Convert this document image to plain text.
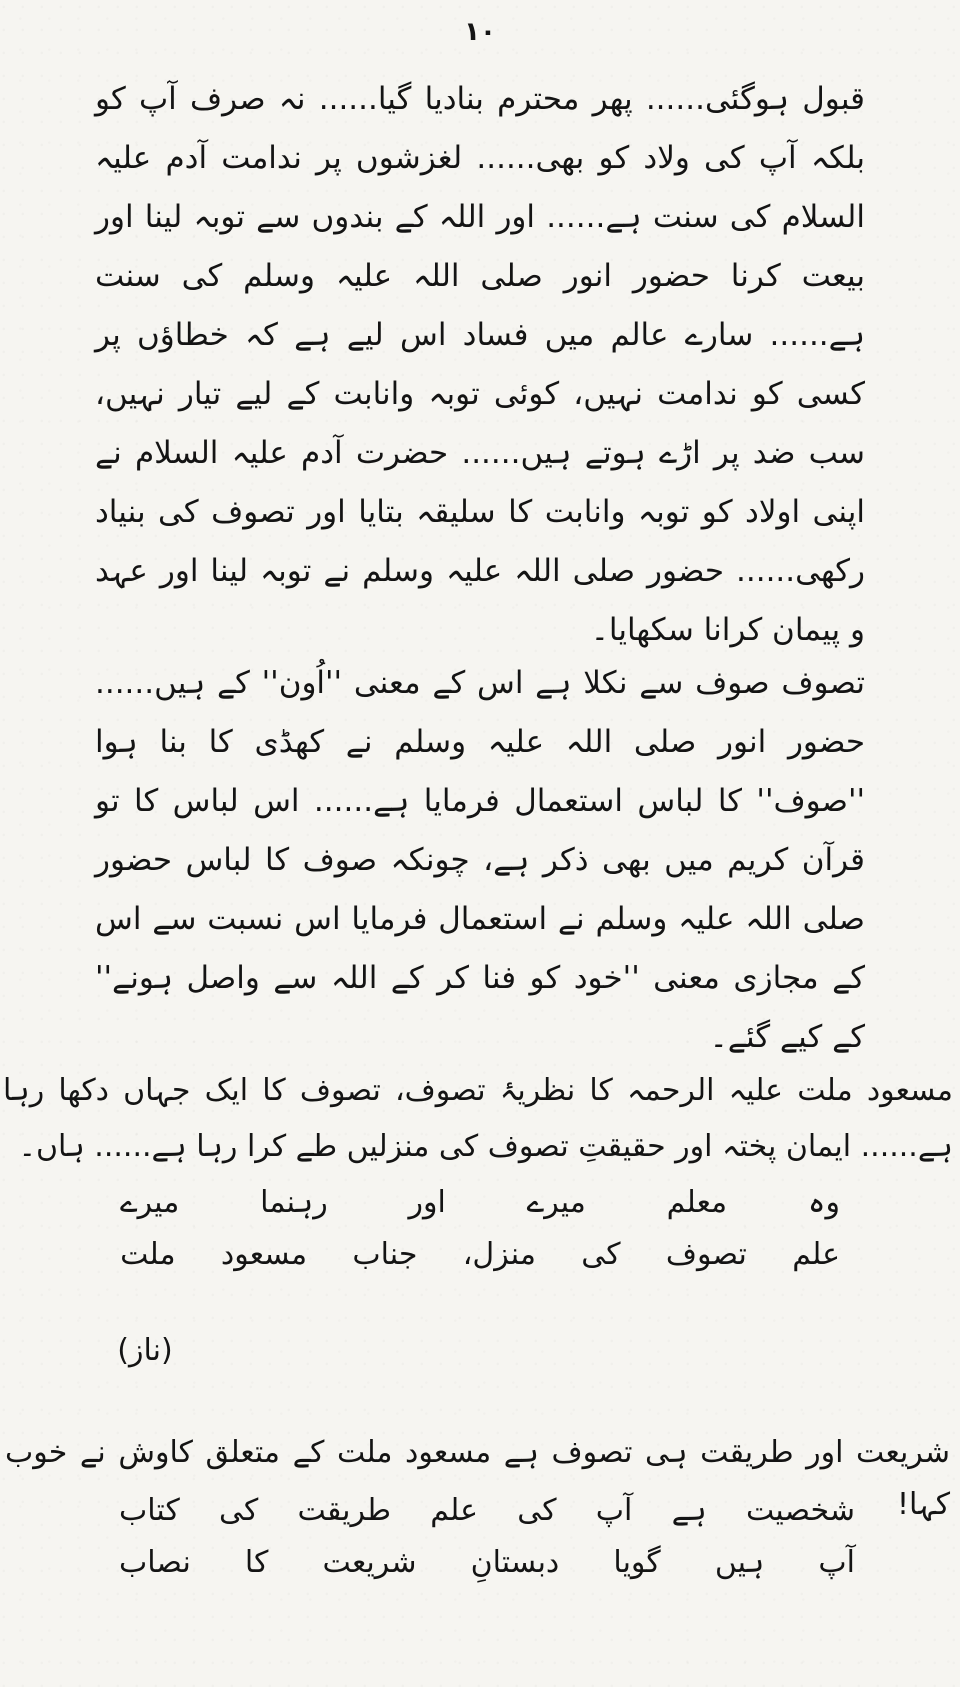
۱۰

قبول ہوگئی...... پھر محترم بنادیا گیا...... نہ صرف آپ کو بلکہ آپ کی ولاد کو بھی...... لغزشوں پر ندامت آدم علیہ السلام کی سنت ہے...... اور اللہ کے بندوں سے توبہ لینا اور بیعت کرنا حضور انور صلی اللہ علیہ وسلم کی سنت ہے...... سارے عالم میں فساد اس لیے ہے کہ خطاؤں پر کسی کو ندامت نہیں، کوئی توبہ وانابت کے لیے تیار نہیں، سب ضد پر اڑے ہوتے ہیں...... حضرت آدم علیہ السلام نے اپنی اولاد کو توبہ وانابت کا سلیقہ بتایا اور تصوف کی بنیاد رکھی...... حضور صلی اللہ علیہ وسلم نے توبہ لینا اور عہد و پیمان کرانا سکھایا۔

تصوف صوف سے نکلا ہے اس کے معنی ''اُون'' کے ہیں...... حضور انور صلی اللہ علیہ وسلم نے کھڈی کا بنا ہوا ''صوف'' کا لباس استعمال فرمایا ہے...... اس لباس کا تو قرآن کریم میں بھی ذکر ہے، چونکہ صوف کا لباس حضور صلی اللہ علیہ وسلم نے استعمال فرمایا اس نسبت سے اس کے مجازی معنی ''خود کو فنا کر کے اللہ سے واصل ہونے'' کے کیے گئے۔

مسعود ملت علیہ الرحمہ کا نظریۂ تصوف، تصوف کا ایک جہاں دکھا رہا ہے...... ایمان پختہ اور حقیقتِ تصوف کی منزلیں طے کرا رہا ہے...... ہاں۔

وہ
معلم
میرے
اور
رہنما
میرے
علم
تصوف
کی
منزل،
جناب
مسعود
ملت
(ناز)

شریعت اور طریقت ہی تصوف ہے مسعود ملت کے متعلق کاوش نے خوب کہا!

شخصیت
ہے
آپ
کی
علم
طریقت
کی
کتاب
آپ
ہیں
گویا
دبستانِ
شریعت
کا
نصاب
